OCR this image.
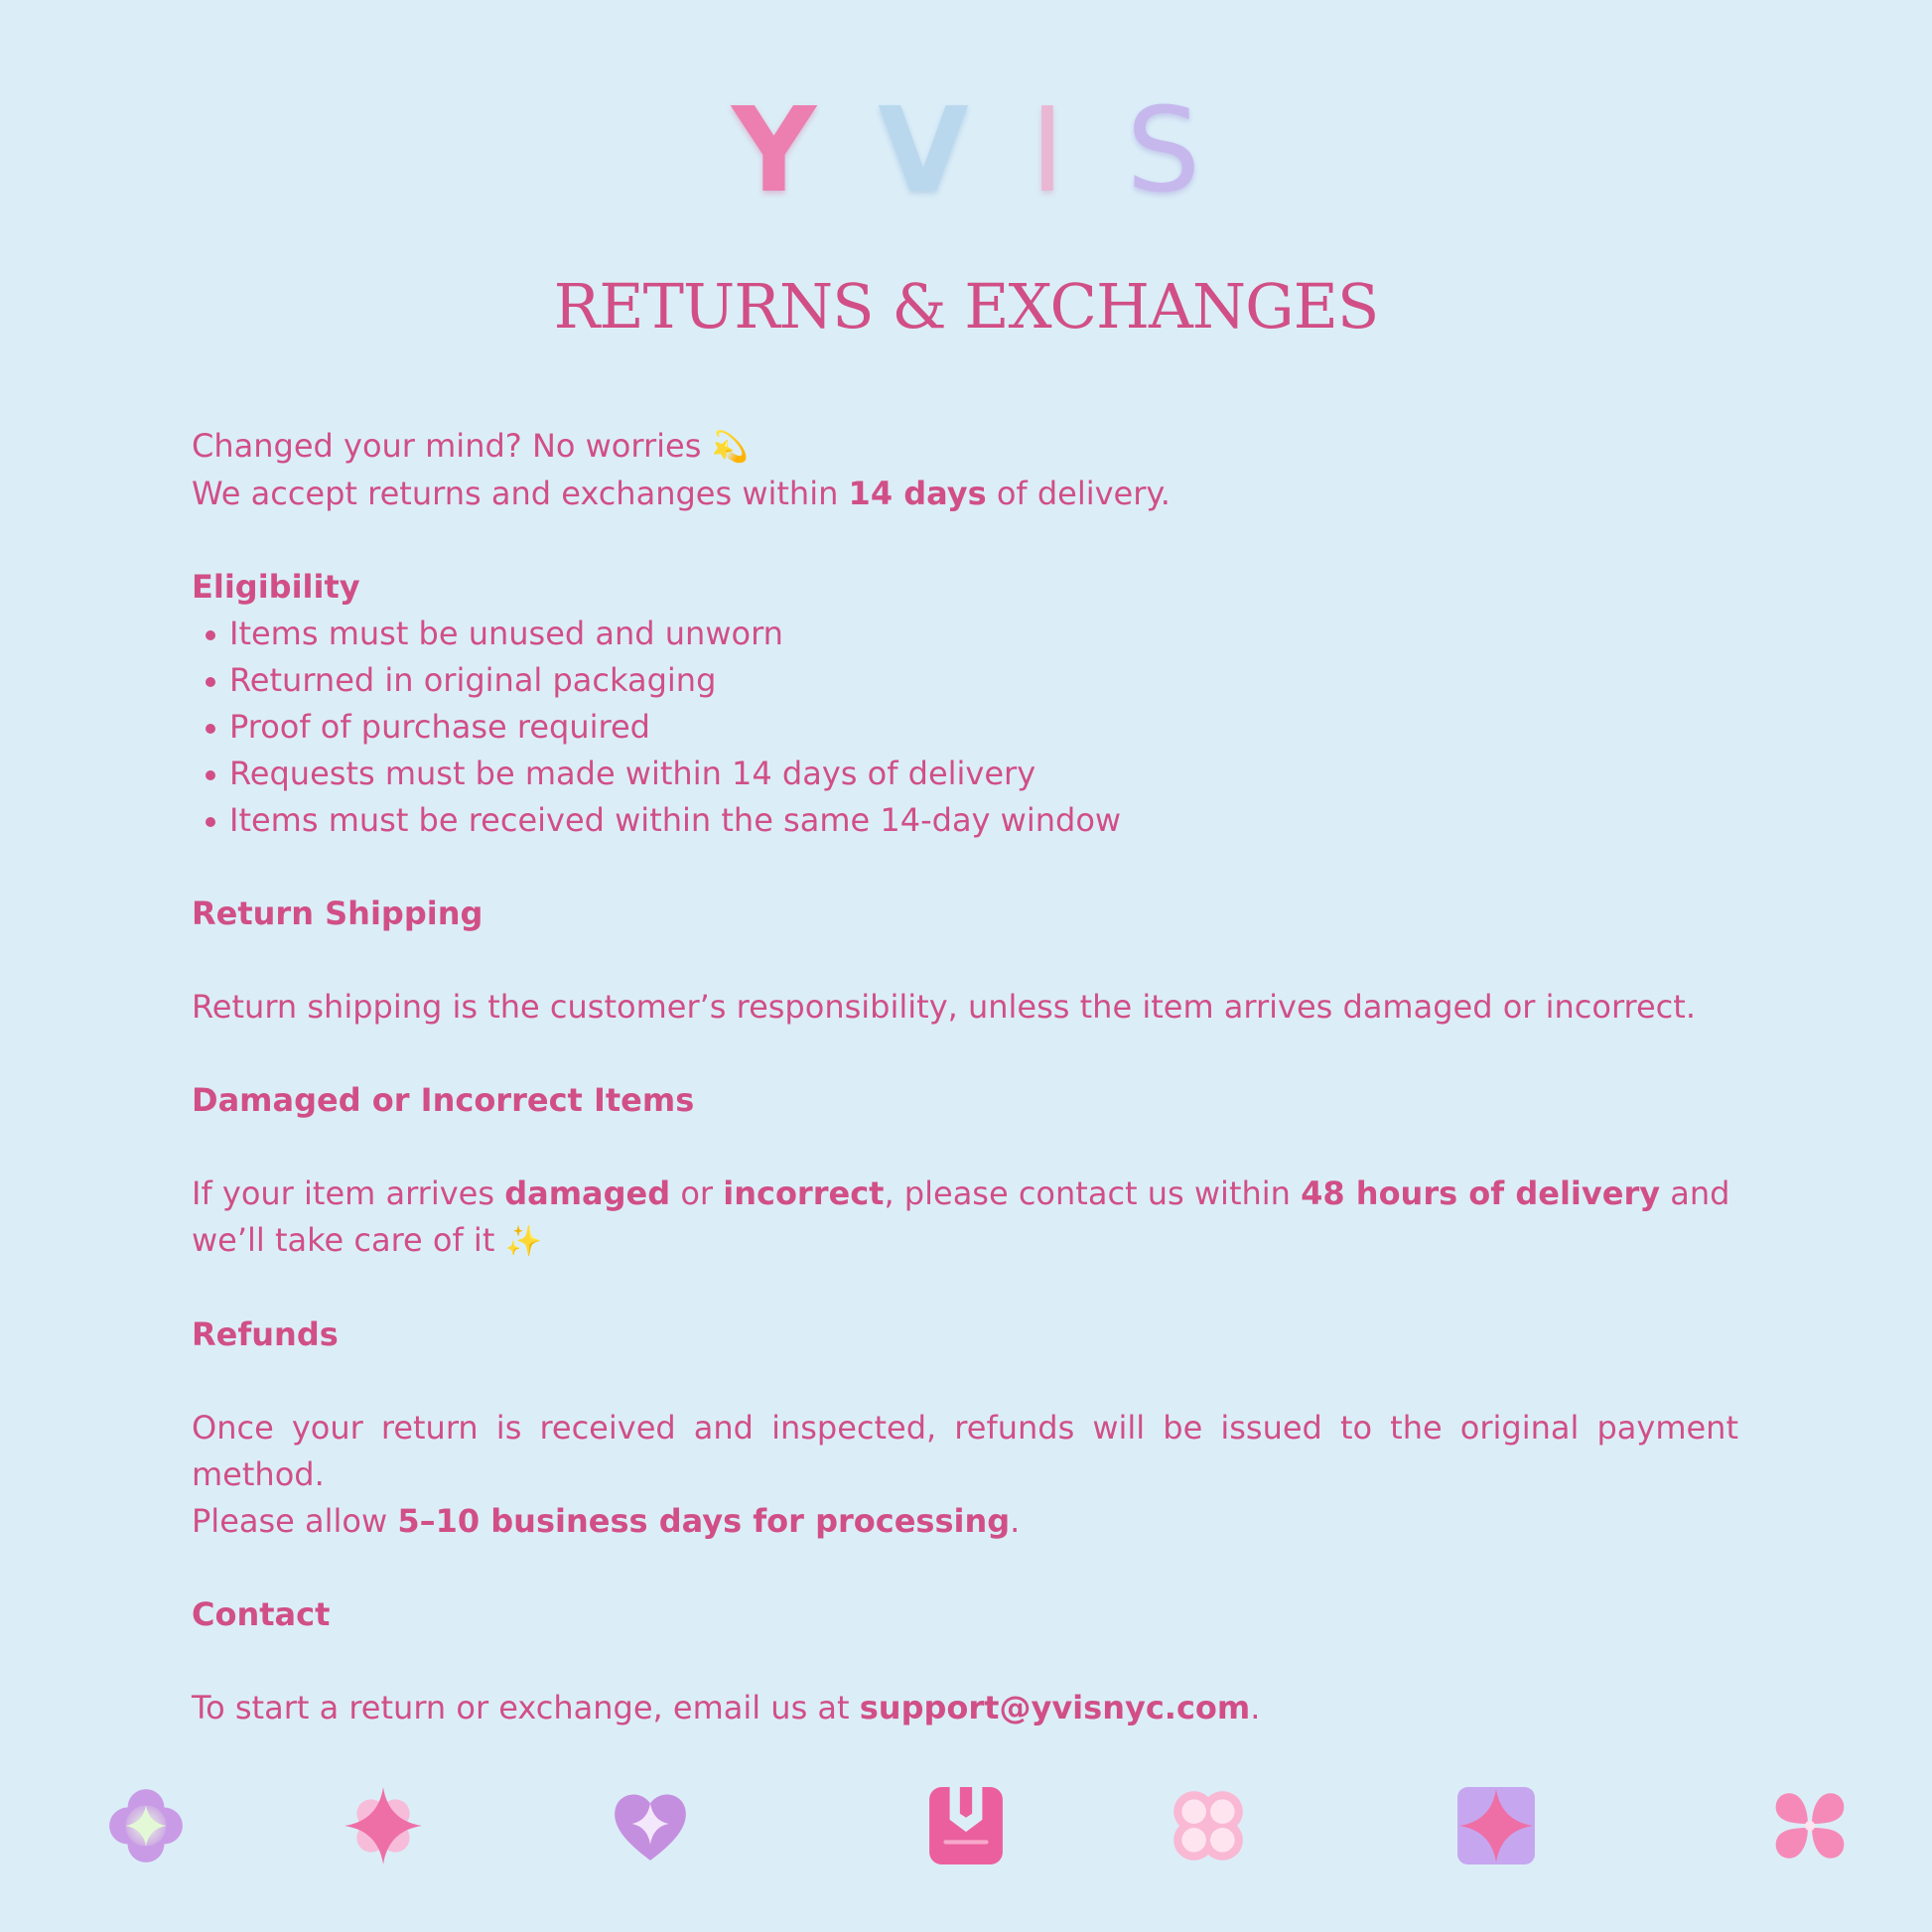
Y V I S
RETURNS & EXCHANGES

Changed your mind? No worries 💫

We accept returns and exchanges within 14 days of delivery.

Eligibility

Items must be unused and unworn
Returned in original packaging
Proof of purchase required
Requests must be made within 14 days of delivery
Items must be received within the same 14-day window

Return Shipping

Return shipping is the customer’s responsibility, unless the item arrives damaged or incorrect.

Damaged or Incorrect Items

If your item arrives damaged or incorrect, please contact us within 48 hours of delivery and we’ll take care of it ✨

Refunds

Once your return is received and inspected, refunds will be issued to the original payment method.

Please allow 5–10 business days for processing.

Contact

To start a return or exchange, email us at support@yvisnyc.com.
